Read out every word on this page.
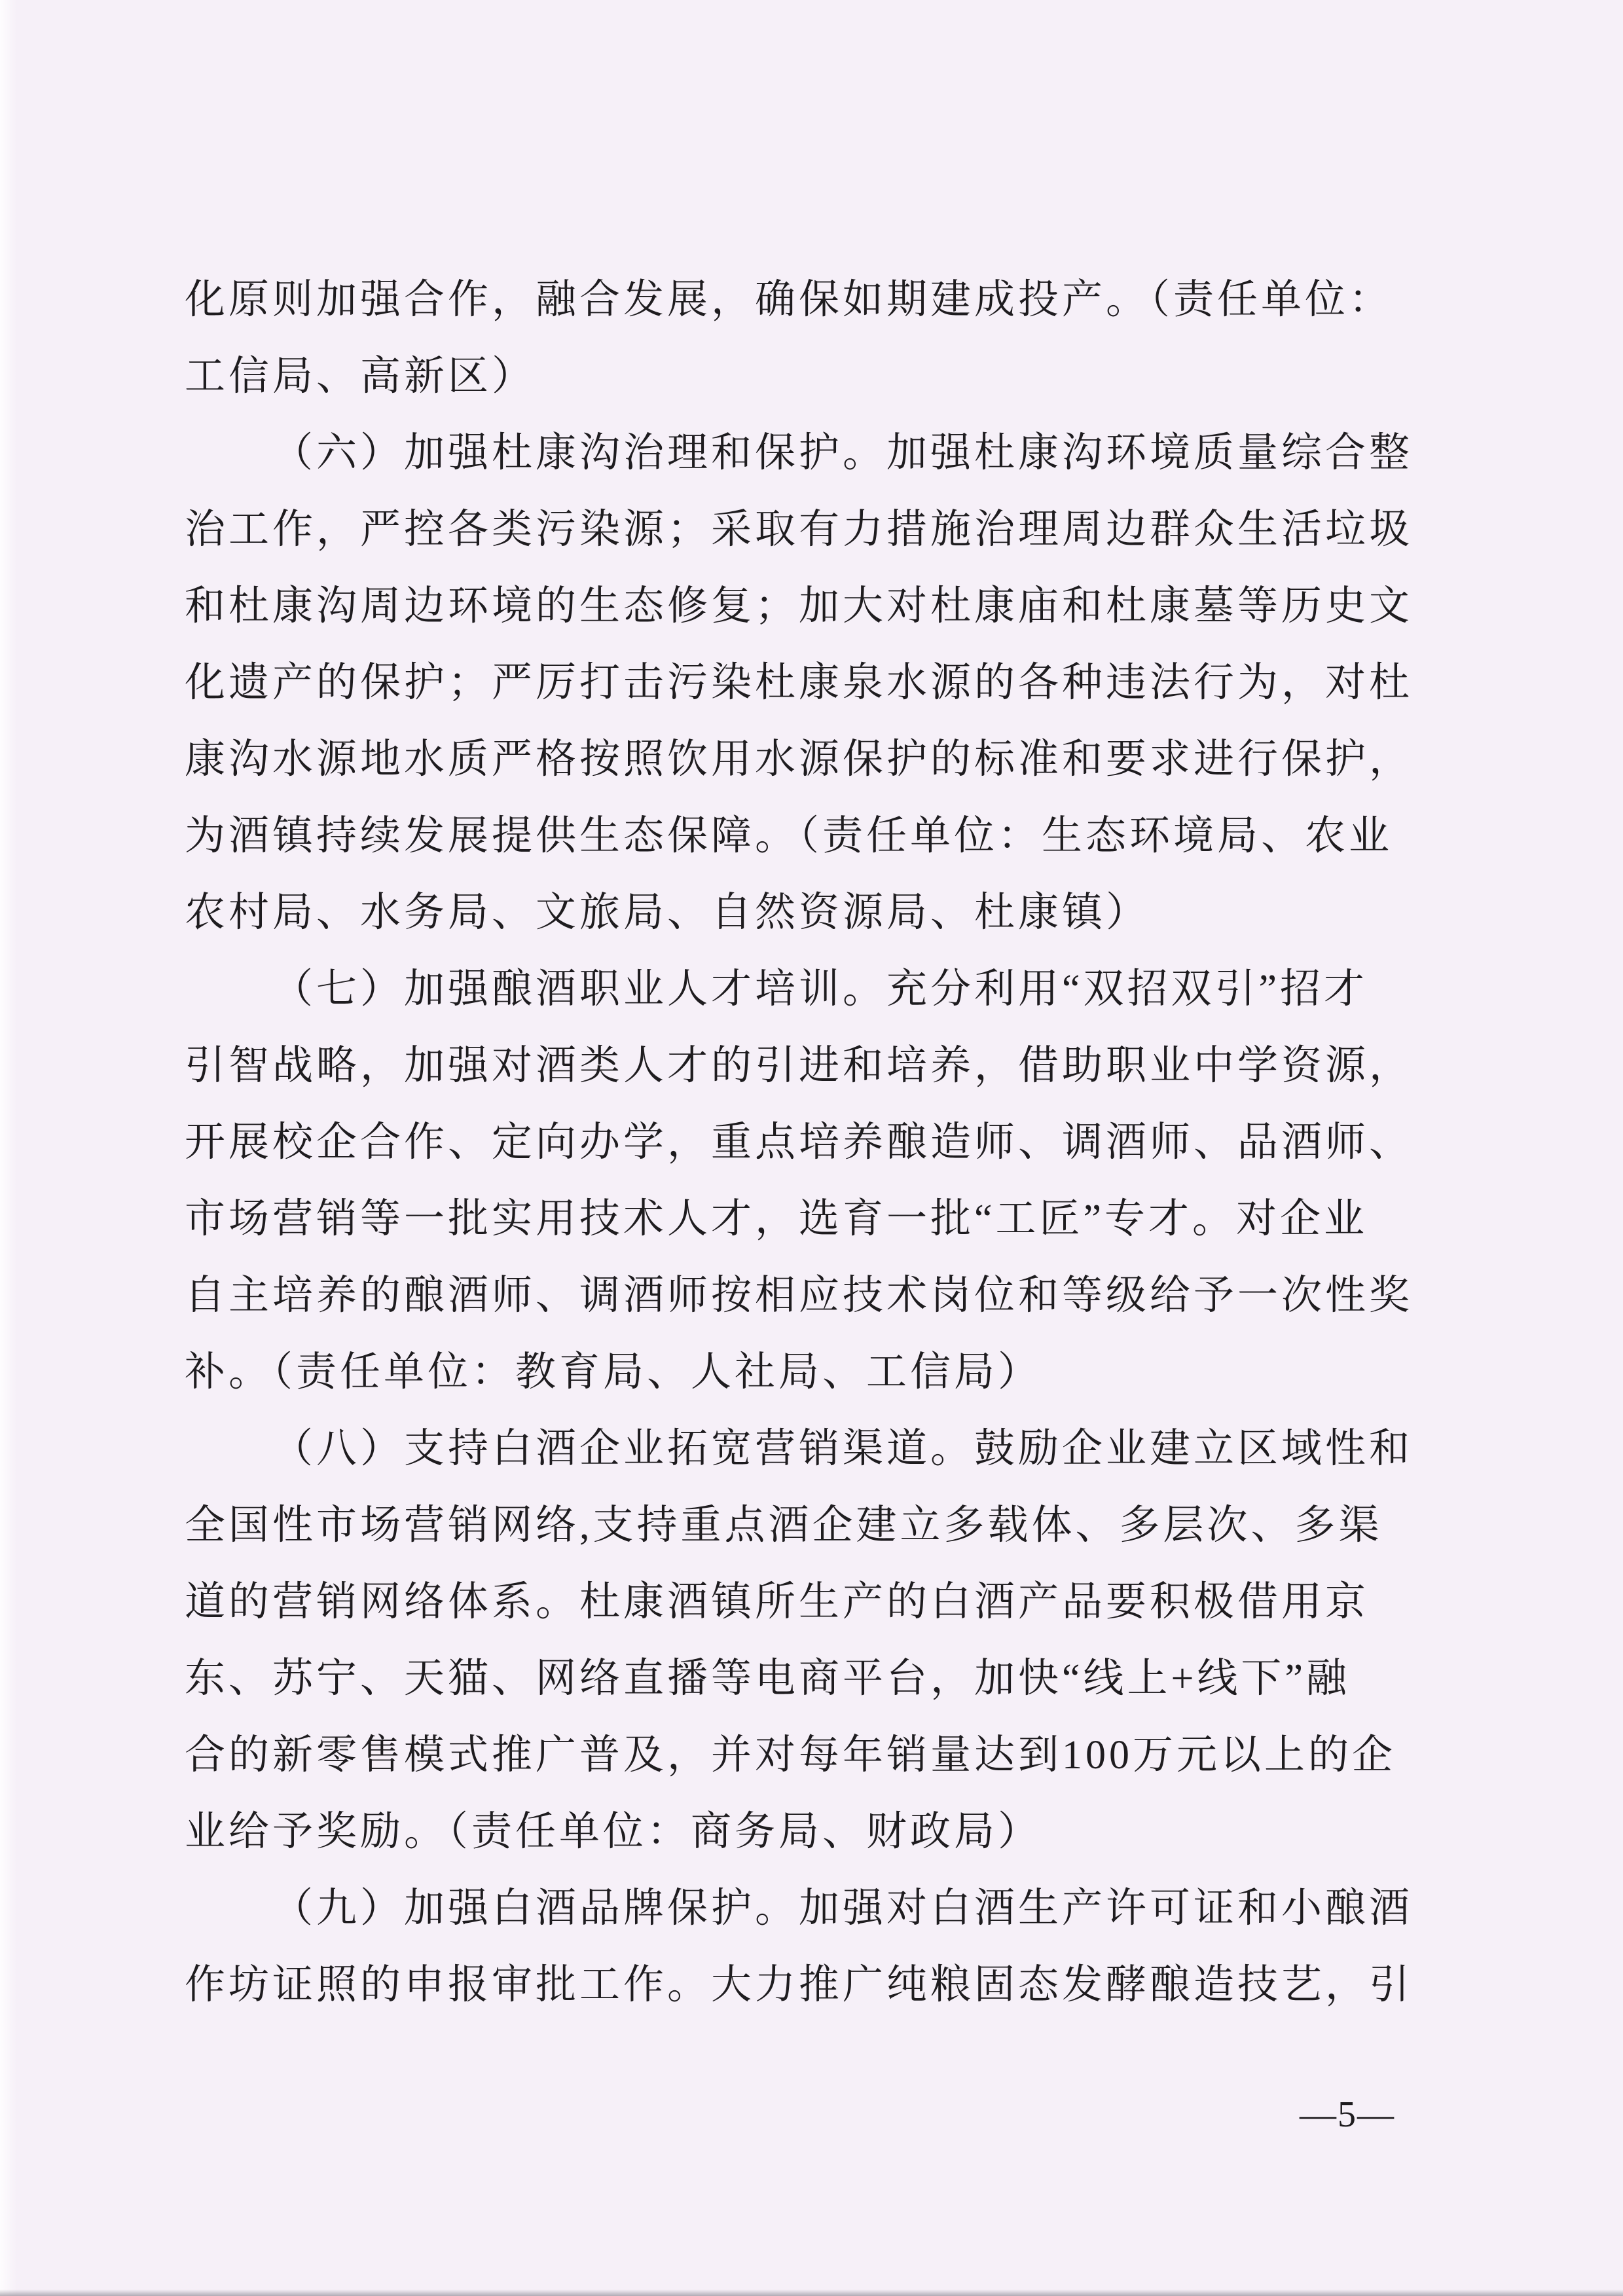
化原则加强合作，融合发展，确保如期建成投产。（责任单位：
工信局、高新区）
（六）加强杜康沟治理和保护。加强杜康沟环境质量综合整
治工作，严控各类污染源；采取有力措施治理周边群众生活垃圾
和杜康沟周边环境的生态修复；加大对杜康庙和杜康墓等历史文
化遗产的保护；严厉打击污染杜康泉水源的各种违法行为，对杜
康沟水源地水质严格按照饮用水源保护的标准和要求进行保护，
为酒镇持续发展提供生态保障。（责任单位：生态环境局、农业
农村局、水务局、文旅局、自然资源局、杜康镇）
（七）加强酿酒职业人才培训。充分利用“双招双引”招才
引智战略，加强对酒类人才的引进和培养，借助职业中学资源，
开展校企合作、定向办学，重点培养酿造师、调酒师、品酒师、
市场营销等一批实用技术人才，选育一批“工匠”专才。对企业
自主培养的酿酒师、调酒师按相应技术岗位和等级给予一次性奖
补。（责任单位：教育局、人社局、工信局）
（八）支持白酒企业拓宽营销渠道。鼓励企业建立区域性和
全国性市场营销网络,支持重点酒企建立多载体、多层次、多渠
道的营销网络体系。杜康酒镇所生产的白酒产品要积极借用京
东、苏宁、天猫、网络直播等电商平台，加快“线上+线下”融
合的新零售模式推广普及，并对每年销量达到100万元以上的企
业给予奖励。（责任单位：商务局、财政局）
（九）加强白酒品牌保护。加强对白酒生产许可证和小酿酒
作坊证照的申报审批工作。大力推广纯粮固态发酵酿造技艺，引
—5—
